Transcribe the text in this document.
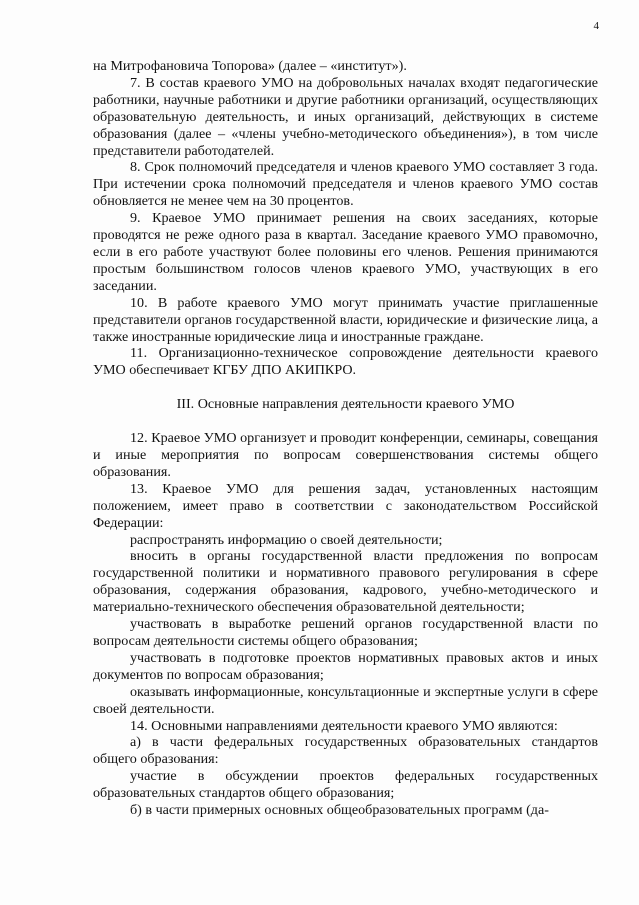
4

на Митрофановича Топорова» (далее – «институт»).

7. В состав краевого УМО на добровольных началах входят педагогические работники, научные работники и другие работники организаций, осуществляющих образовательную деятельность, и иных организаций, действующих в системе образования (далее – «члены учебно-методического объединения»), в том числе представители работодателей.

8. Срок полномочий председателя и членов краевого УМО составляет 3 года. При истечении срока полномочий председателя и членов краевого УМО состав обновляется не менее чем на 30 процентов.

9. Краевое УМО принимает решения на своих заседаниях, которые проводятся не реже одного раза в квартал. Заседание краевого УМО правомочно, если в его работе участвуют более половины его членов. Решения принимаются простым большинством голосов членов краевого УМО, участвующих в его заседании.

10. В работе краевого УМО могут принимать участие приглашенные представители органов государственной власти, юридические и физические лица, а также иностранные юридические лица и иностранные граждане.

11. Организационно-техническое сопровождение деятельности краевого УМО обеспечивает КГБУ ДПО АКИПКРО.

III. Основные направления деятельности краевого УМО

12. Краевое УМО организует и проводит конференции, семинары, совещания и иные мероприятия по вопросам совершенствования системы общего образования.

13. Краевое УМО для решения задач, установленных настоящим положением, имеет право в соответствии с законодательством Российской Федерации:

распространять информацию о своей деятельности;

вносить в органы государственной власти предложения по вопросам государственной политики и нормативного правового регулирования в сфере образования, содержания образования, кадрового, учебно-методического и материально-технического обеспечения образовательной деятельности;

участвовать в выработке решений органов государственной власти по вопросам деятельности системы общего образования;

участвовать в подготовке проектов нормативных правовых актов и иных документов по вопросам образования;

оказывать информационные, консультационные и экспертные услуги в сфере своей деятельности.

14. Основными направлениями деятельности краевого УМО являются:

а) в части федеральных государственных образовательных стандартов общего образования:

участие в обсуждении проектов федеральных государственных образовательных стандартов общего образования;

б) в части примерных основных общеобразовательных программ (да-
